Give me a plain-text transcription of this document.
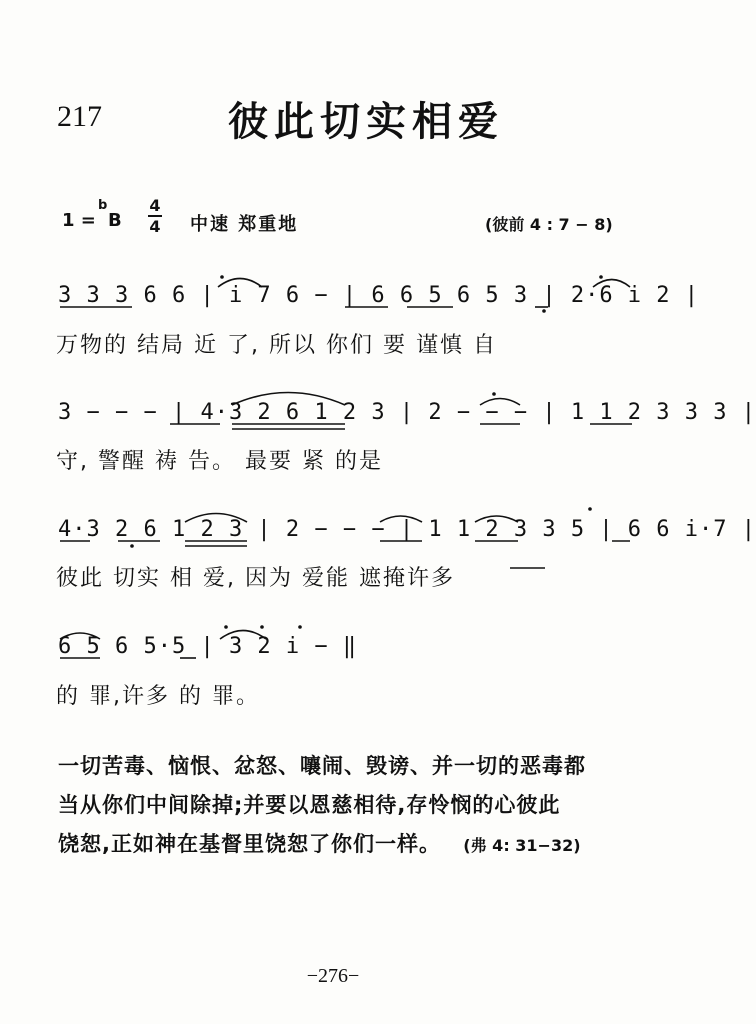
217	彼此切实相爱
1 =
b
B
4
4 中速 郑重地	(彼前 4 : 7 − 8)
3 3 3 6 6 | i 7 6 − | 6 6 5 6 5 3 | 2·6 i 2 |
万物的 结局 近 了, 所以 你们 要 谨慎 自
3 − − − | 4·3 2 6 1 2 3 | 2 − − − | 1 1 2 3 3 3 |
守, 警醒 祷 告。 最要 紧 的是
4·3 2 6 1 2 3 | 2 − − − | 1 1 2 3 3 5 | 6 6 i·7 |
彼此 切实 相 爱, 因为 爱能 遮掩许多
6 5 6 5·5 | 3 2 i − ‖
的 罪,许多 的 罪。
一切苦毒、恼恨、忿怒、嚷闹、毁谤、并一切的恶毒都
当从你们中间除掉;并要以恩慈相待,存怜悯的心彼此
饶恕,正如神在基督里饶恕了你们一样。 (弗 4: 31−32)
−276−
